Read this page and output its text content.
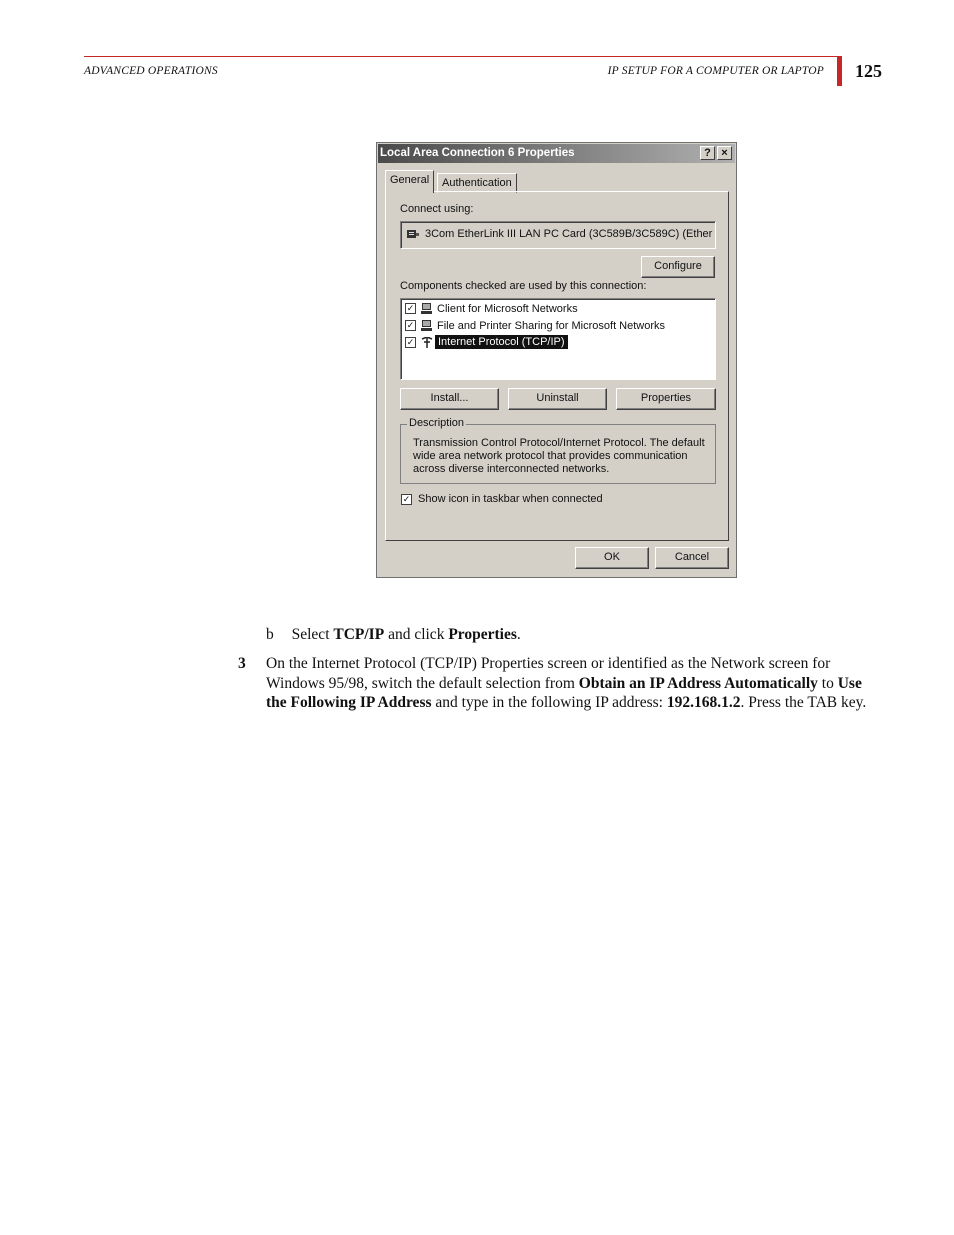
ADVANCED OPERATIONS	IP SETUP FOR A COMPUTER OR LAPTOP 125
Local Area Connection 6 Properties	? ×
General	Authentication
Connect using:
3Com EtherLink III LAN PC Card (3C589B/3C589C) (Ether
Configure
Components checked are used by this connection:
✓ Client for Microsoft Networks
✓ File and Printer Sharing for Microsoft Networks
✓ Internet Protocol (TCP/IP)
Install...	Uninstall	Properties
Description
Transmission Control Protocol/Internet Protocol. The default wide area network protocol that provides communication across diverse interconnected networks.
✓ Show icon in taskbar when connected
OK	Cancel
b Select TCP/IP and click Properties.
3 On the Internet Protocol (TCP/IP) Properties screen or identified as the Network screen for Windows 95/98, switch the default selection from Obtain an IP Address Automatically to Use the Following IP Address and type in the following IP address: 192.168.1.2. Press the TAB key.
